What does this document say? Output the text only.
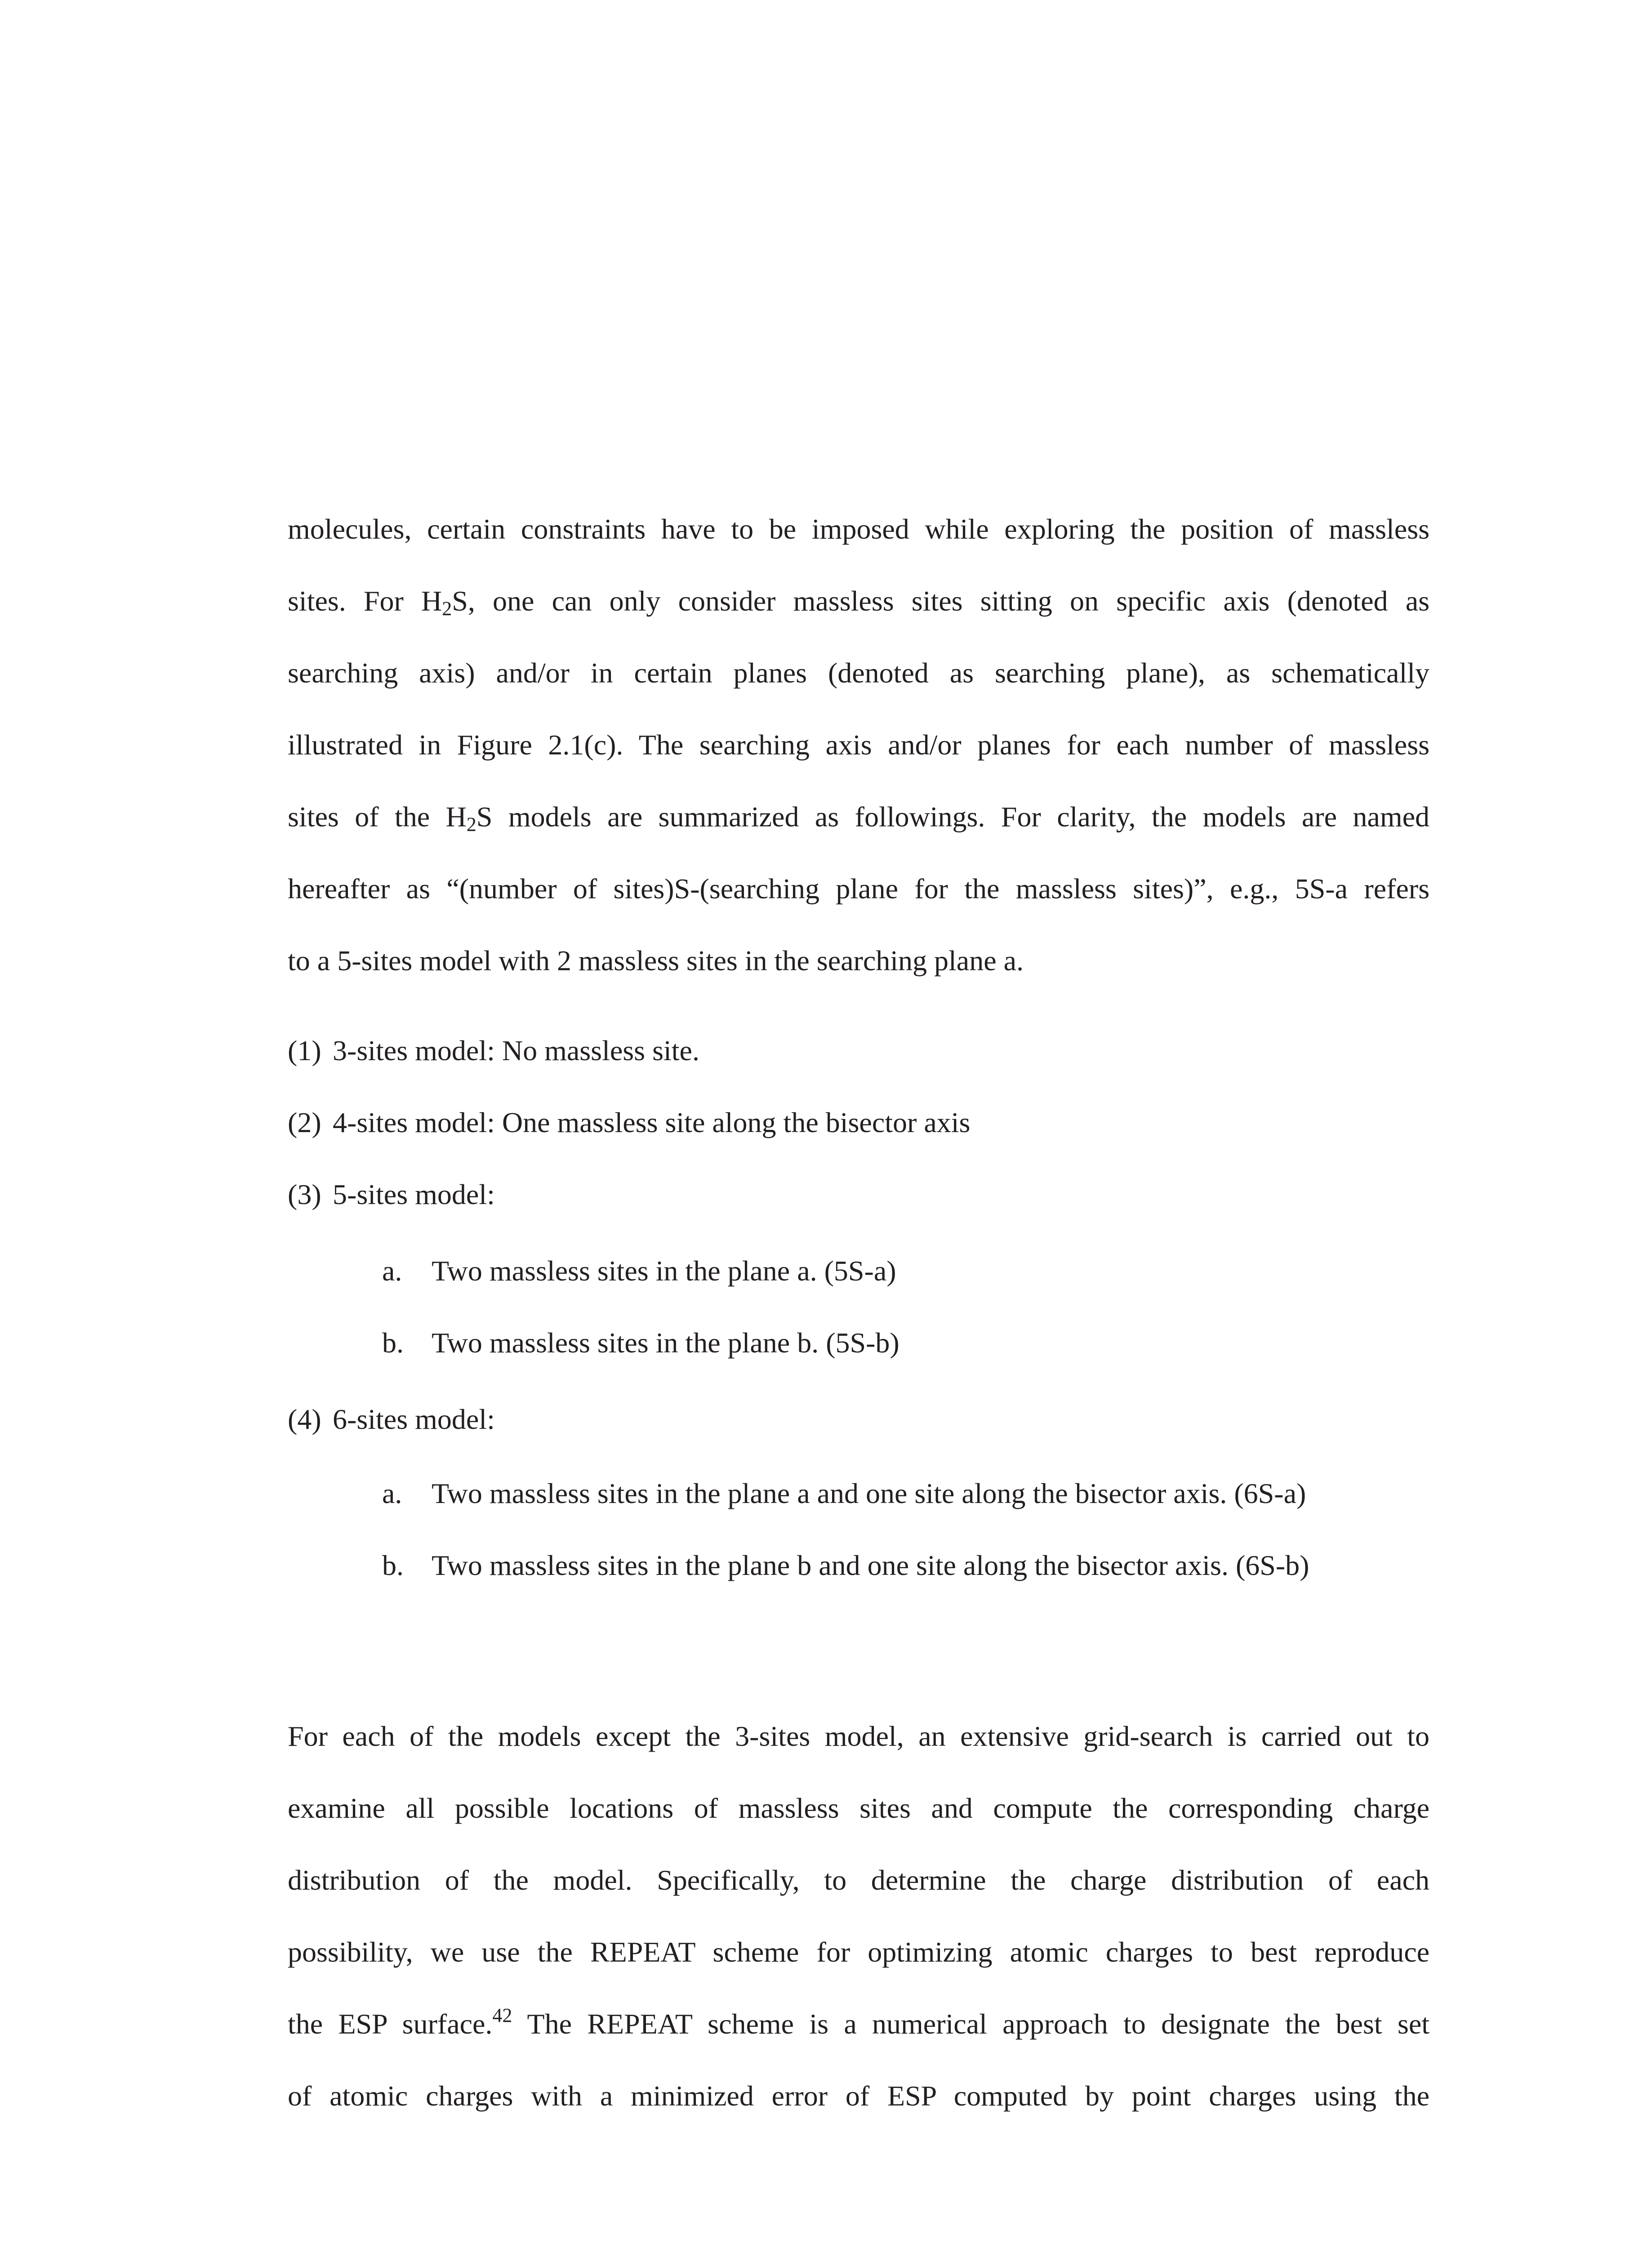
molecules, certain constraints have to be imposed while exploring the position of massless

sites. For $H_2S$, one can only consider massless sites sitting on specific axis (denoted as

searching axis) and/or in certain planes (denoted as searching plane), as schematically

illustrated in Figure 2.1(c). The searching axis and/or planes for each number of massless

sites of the $H_2S$ models are summarized as followings. For clarity, the models are named

hereafter as “(number of sites)S-(searching plane for the massless sites)”, e.g., 5S-a refers

to a 5-sites model with 2 massless sites in the searching plane a.

(1) 3-sites model: No massless site.

(2) 4-sites model: One massless site along the bisector axis

(3) 5-sites model:

a. Two massless sites in the plane a. (5S-a)

b. Two massless sites in the plane b. (5S-b)

(4) 6-sites model:

a. Two massless sites in the plane a and one site along the bisector axis. (6S-a)

b. Two massless sites in the plane b and one site along the bisector axis. (6S-b)

For each of the models except the 3-sites model, an extensive grid-search is carried out to

examine all possible locations of massless sites and compute the corresponding charge

distribution of the model. Specifically, to determine the charge distribution of each

possibility, we use the REPEAT scheme for optimizing atomic charges to best reproduce

the ESP surface.$^{42}$ The REPEAT scheme is a numerical approach to designate the best set

of atomic charges with a minimized error of ESP computed by point charges using the
